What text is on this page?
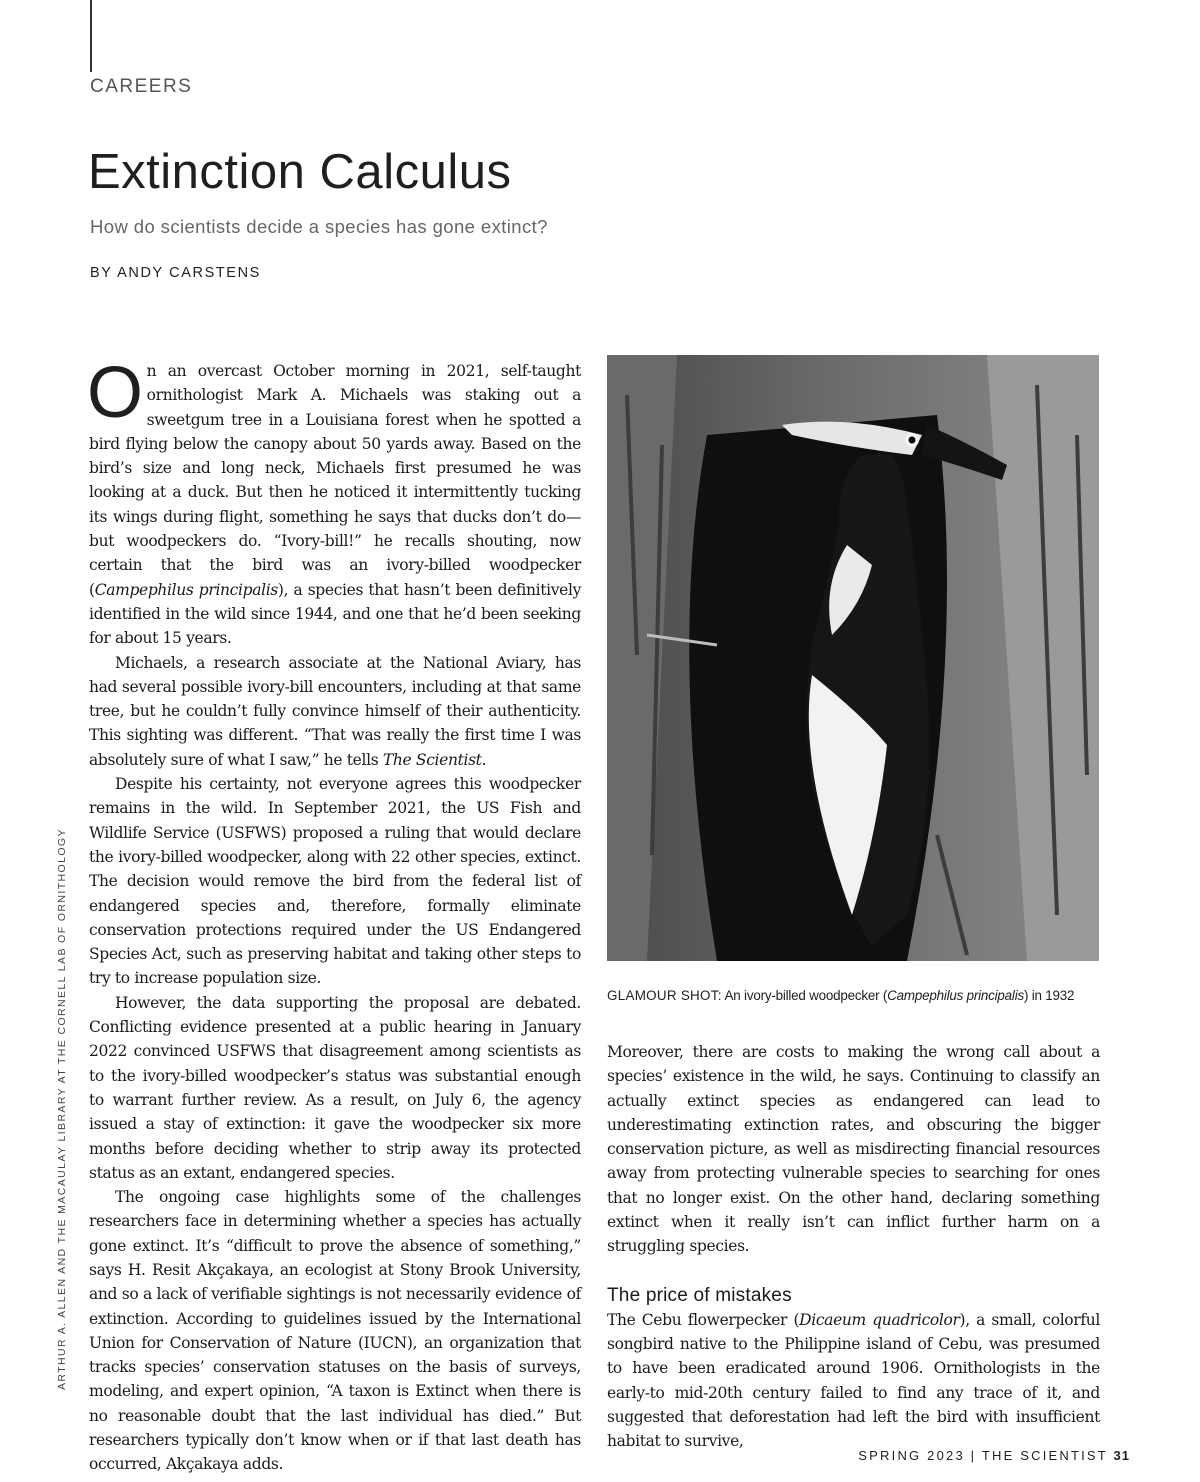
CAREERS
Extinction Calculus
How do scientists decide a species has gone extinct?
BY ANDY CARSTENS
ARTHUR A. ALLEN AND THE MACAULAY LIBRARY AT THE CORNELL LAB OF ORNITHOLOGY

On an overcast October morning in 2021, self-taught ornithologist Mark A. Michaels was staking out a sweetgum tree in a Louisiana forest when he spotted a bird flying below the canopy about 50 yards away. Based on the bird’s size and long neck, Michaels first presumed he was looking at a duck. But then he noticed it intermittently tucking its wings during flight, something he says that ducks don’t do—but woodpeckers do. “Ivory-bill!” he recalls shouting, now certain that the bird was an ivory-billed woodpecker (Campephilus principalis), a species that hasn’t been definitively identified in the wild since 1944, and one that he’d been seeking for about 15 years.

Michaels, a research associate at the National Aviary, has had several possible ivory-bill encounters, including at that same tree, but he couldn’t fully convince himself of their authenticity. This sighting was different. “That was really the first time I was absolutely sure of what I saw,” he tells The Scientist.

Despite his certainty, not everyone agrees this woodpecker remains in the wild. In September 2021, the US Fish and Wildlife Service (USFWS) proposed a ruling that would declare the ivory-billed woodpecker, along with 22 other species, extinct. The decision would remove the bird from the federal list of endangered species and, therefore, formally eliminate conservation protections required under the US Endangered Species Act, such as preserving habitat and taking other steps to try to increase population size.

However, the data supporting the proposal are debated. Conflicting evidence presented at a public hearing in January 2022 convinced USFWS that disagreement among scientists as to the ivory-billed woodpecker’s status was substantial enough to warrant further review. As a result, on July 6, the agency issued a stay of extinction: it gave the woodpecker six more months before deciding whether to strip away its protected status as an extant, endangered species.

The ongoing case highlights some of the challenges researchers face in determining whether a species has actually gone extinct. It’s “difficult to prove the absence of something,” says H. Resit Akçakaya, an ecologist at Stony Brook University, and so a lack of verifiable sightings is not necessarily evidence of extinction. According to guidelines issued by the International Union for Conservation of Nature (IUCN), an organization that tracks species’ conservation statuses on the basis of surveys, modeling, and expert opinion, “A taxon is Extinct when there is no reasonable doubt that the last individual has died.” But researchers typically don’t know when or if that last death has occurred, Akçakaya adds.

GLAMOUR SHOT: An ivory-billed woodpecker (Campephilus principalis) in 1932

Moreover, there are costs to making the wrong call about a species’ existence in the wild, he says. Continuing to classify an actually extinct species as endangered can lead to underestimating extinction rates, and obscuring the bigger conservation picture, as well as misdirecting financial resources away from protecting vulnerable species to searching for ones that no longer exist. On the other hand, declaring something extinct when it really isn’t can inflict further harm on a struggling species.

The price of mistakes

The Cebu flowerpecker (Dicaeum quadricolor), a small, colorful songbird native to the Philippine island of Cebu, was presumed to have been eradicated around 1906. Ornithologists in the early-to mid-20th century failed to find any trace of it, and suggested that deforestation had left the bird with insufficient habitat to survive,

SPRING 2023 | THE SCIENTIST 31
